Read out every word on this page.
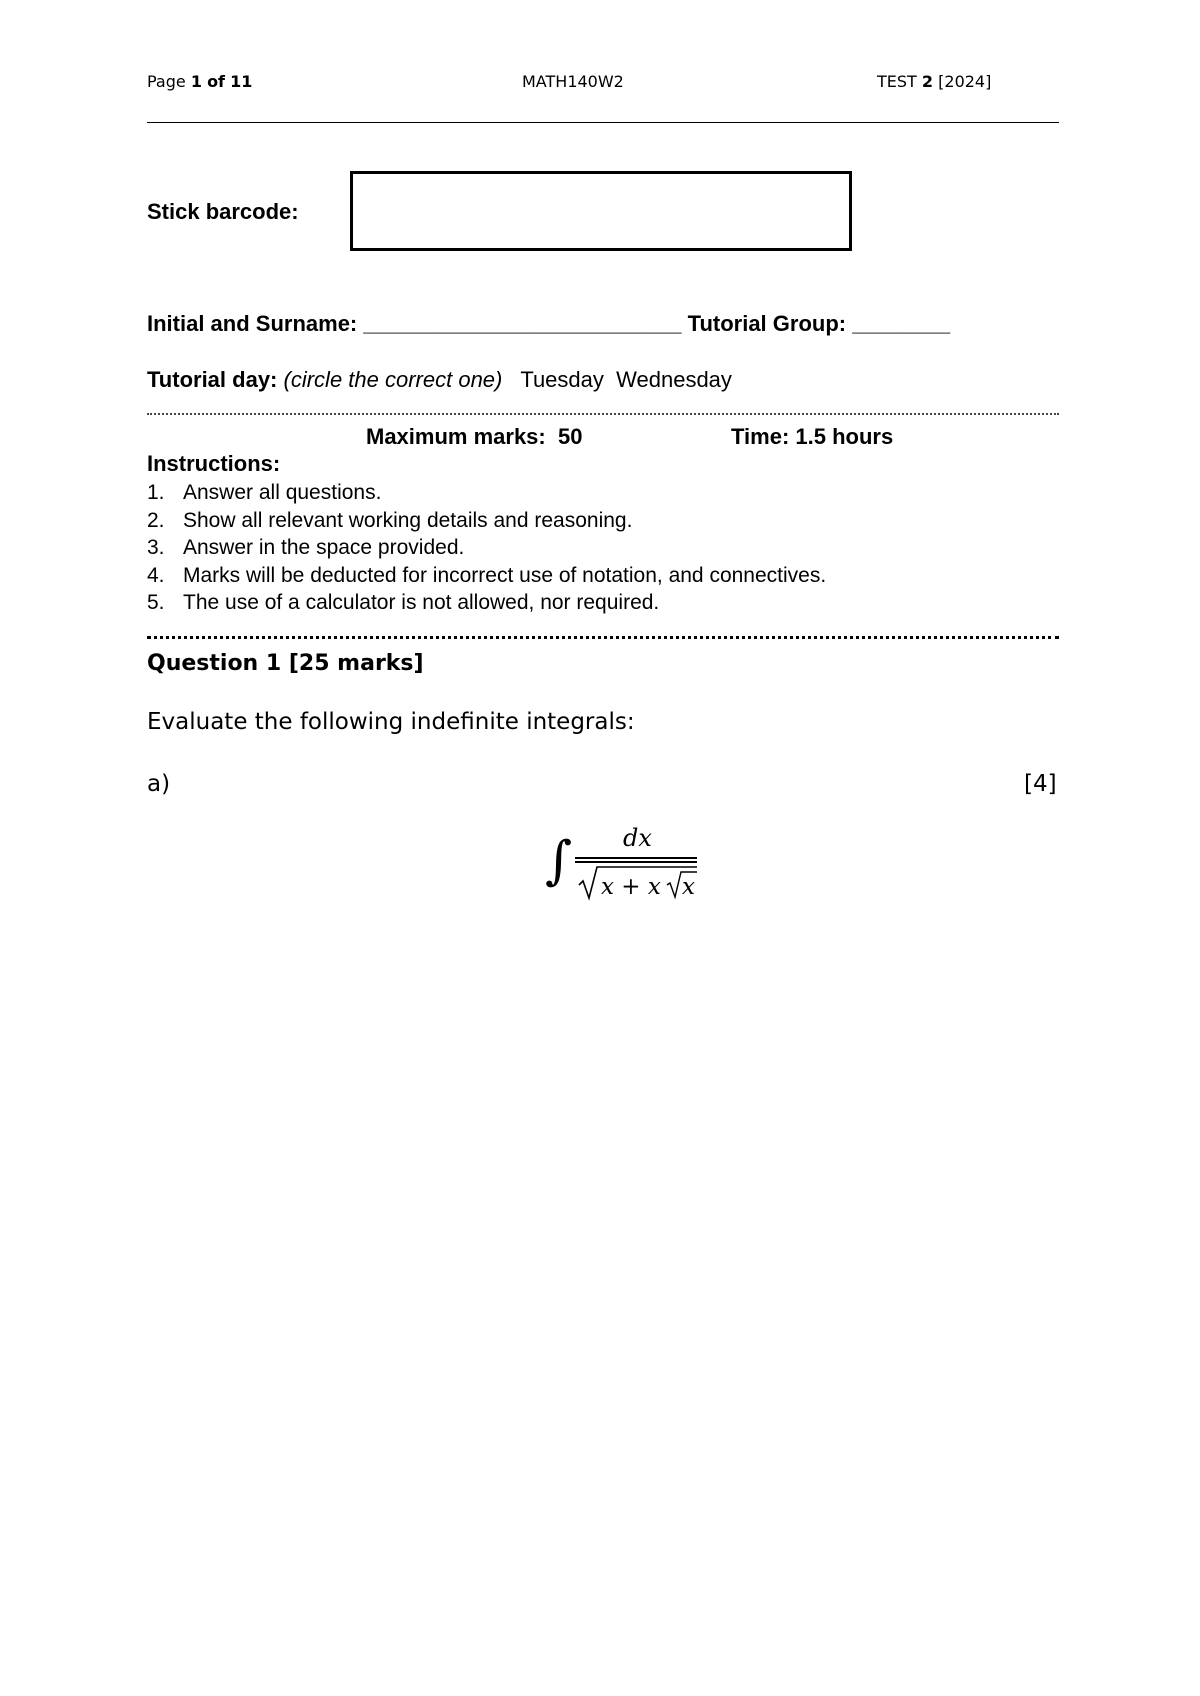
Page 1 of 11	MATH140W2	TEST 2 [2024]
Stick barcode:
Initial and Surname: __________________________ Tutorial Group: ________
Tutorial day: (circle the correct one) Tuesday Wednesday
Maximum marks:  50	Time: 1.5 hours
Instructions:
1. Answer all questions.
2. Show all relevant working details and reasoning.
3. Answer in the space provided.
4. Marks will be deducted for incorrect use of notation, and connectives.
5. The use of a calculator is not allowed, nor required.
Question 1 [25 marks]
Evaluate the following indefinite integrals:
a)	[4]
∫ dx
x + x x
